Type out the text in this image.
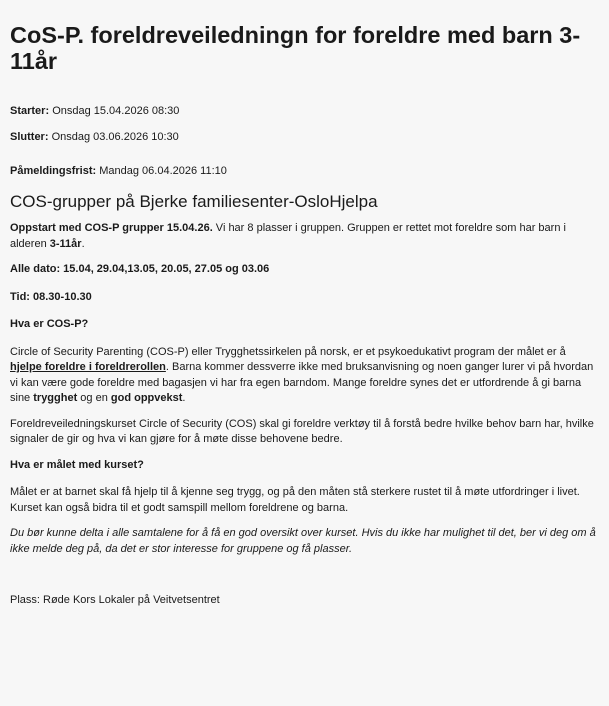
CoS-P. foreldreveiledningn for foreldre med barn 3-11år
Starter: Onsdag 15.04.2026 08:30
Slutter: Onsdag 03.06.2026 10:30
Påmeldingsfrist: Mandag 06.04.2026 11:10
COS-grupper på Bjerke familiesenter-OsloHjelpa

Oppstart med COS-P grupper 15.04.26. Vi har 8 plasser i gruppen. Gruppen er rettet mot foreldre som har barn i alderen 3-11år.

Alle dato: 15.04, 29.04,13.05, 20.05, 27.05 og 03.06

Tid: 08.30-10.30

Hva er COS-P?

Circle of Security Parenting (COS-P) eller Trygghetssirkelen på norsk, er et psykoedukativt program der målet er å hjelpe foreldre i foreldrerollen. Barna kommer dessverre ikke med bruksanvisning og noen ganger lurer vi på hvordan vi kan være gode foreldre med bagasjen vi har fra egen barndom. Mange foreldre synes det er utfordrende å gi barna sine trygghet og en god oppvekst.

Foreldreveiledningskurset Circle of Security (COS) skal gi foreldre verktøy til å forstå bedre hvilke behov barn har, hvilke signaler de gir og hva vi kan gjøre for å møte disse behovene bedre.

Hva er målet med kurset?

Målet er at barnet skal få hjelp til å kjenne seg trygg, og på den måten stå sterkere rustet til å møte utfordringer i livet. Kurset kan også bidra til et godt samspill mellom foreldrene og barna.

Du bør kunne delta i alle samtalene for å få en god oversikt over kurset. Hvis du ikke har mulighet til det, ber vi deg om å ikke melde deg på, da det er stor interesse for gruppene og få plasser.

Plass: Røde Kors Lokaler på Veitvetsentret
